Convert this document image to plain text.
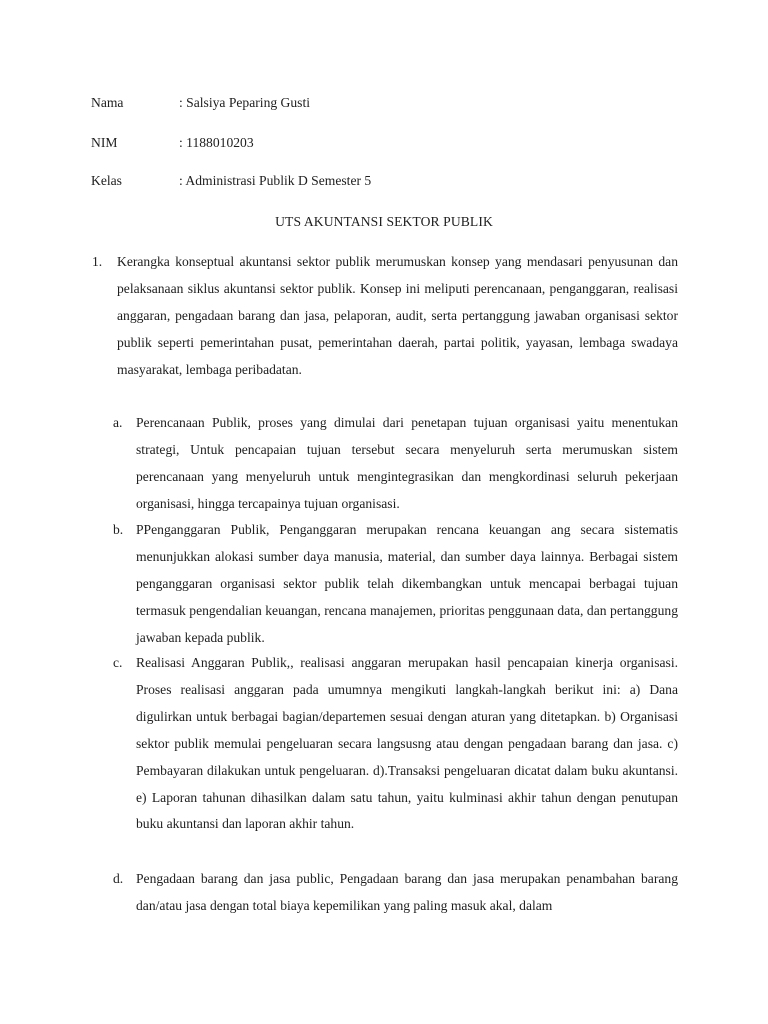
Nama	: Salsiya Peparing Gusti
NIM	: 1188010203
Kelas	: Administrasi Publik D Semester 5
UTS AKUNTANSI SEKTOR PUBLIK
1. Kerangka konseptual akuntansi sektor publik merumuskan konsep yang mendasari penyusunan dan pelaksanaan siklus akuntansi sektor publik. Konsep ini meliputi perencanaan, penganggaran, realisasi anggaran, pengadaan barang dan jasa, pelaporan, audit, serta pertanggung jawaban organisasi sektor publik seperti pemerintahan pusat, pemerintahan daerah, partai politik, yayasan, lembaga swadaya masyarakat, lembaga peribadatan.
a. Perencanaan Publik, proses yang dimulai dari penetapan tujuan organisasi yaitu menentukan strategi, Untuk pencapaian tujuan tersebut secara menyeluruh serta merumuskan sistem perencanaan yang menyeluruh untuk mengintegrasikan dan mengkordinasi seluruh pekerjaan organisasi, hingga tercapainya tujuan organisasi.
b. PPenganggaran Publik, Penganggaran merupakan rencana keuangan ang secara sistematis menunjukkan alokasi sumber daya manusia, material, dan sumber daya lainnya. Berbagai sistem penganggaran organisasi sektor publik telah dikembangkan untuk mencapai berbagai tujuan termasuk pengendalian keuangan, rencana manajemen, prioritas penggunaan data, dan pertanggung jawaban kepada publik.
c. Realisasi Anggaran Publik,, realisasi anggaran merupakan hasil pencapaian kinerja organisasi. Proses realisasi anggaran pada umumnya mengikuti langkah-langkah berikut ini: a) Dana digulirkan untuk berbagai bagian/departemen sesuai dengan aturan yang ditetapkan. b) Organisasi sektor publik memulai pengeluaran secara langsusng atau dengan pengadaan barang dan jasa. c) Pembayaran dilakukan untuk pengeluaran. d).Transaksi pengeluaran dicatat dalam buku akuntansi. e) Laporan tahunan dihasilkan dalam satu tahun, yaitu kulminasi akhir tahun dengan penutupan buku akuntansi dan laporan akhir tahun.
d. Pengadaan barang dan jasa public, Pengadaan barang dan jasa merupakan penambahan barang dan/atau jasa dengan total biaya kepemilikan yang paling masuk akal, dalam
